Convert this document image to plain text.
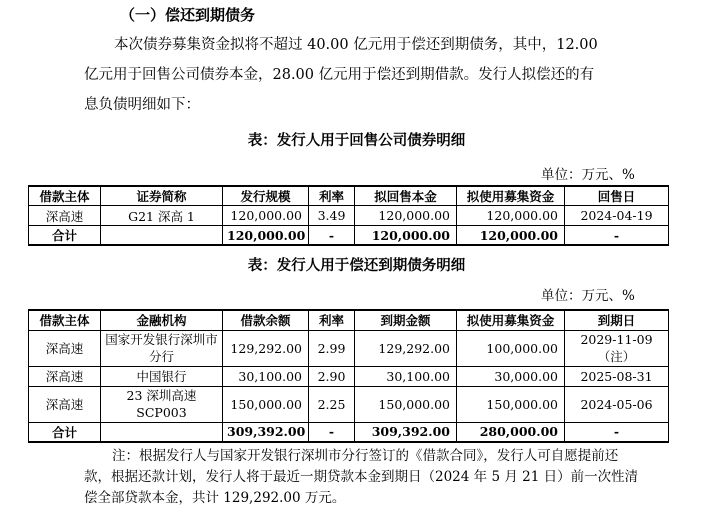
（一）偿还到期债务
本次债券募集资金拟将不超过 40.00 亿元用于偿还到期债务，其中，12.00
亿元用于回售公司债券本金，28.00 亿元用于偿还到期借款。发行人拟偿还的有
息负债明细如下：
表：发行人用于回售公司债券明细
单位：万元、%
借款主体	证券简称	发行规模	利率	拟回售本金	拟使用募集资金	回售日
深高速	G21 深高 1	120,000.00	3.49	120,000.00	120,000.00	2024-04-19
合计		120,000.00	-	120,000.00	120,000.00	-
表：发行人用于偿还到期债务明细
单位：万元、%
借款主体	金融机构	借款余额	利率	到期金额	拟使用募集资金	到期日
深高速	国家开发银行深圳市分行	129,292.00	2.99	129,292.00	100,000.00	2029-11-09（注）
深高速	中国银行	30,100.00	2.90	30,100.00	30,000.00	2025-08-31
深高速	23 深圳高速 SCP003	150,000.00	2.25	150,000.00	150,000.00	2024-05-06
合计		309,392.00	-	309,392.00	280,000.00	-
注：根据发行人与国家开发银行深圳市分行签订的《借款合同》，发行人可自愿提前还
款，根据还款计划，发行人将于最近一期贷款本金到期日（2024 年 5 月 21 日）前一次性清
偿全部贷款本金，共计 129,292.00 万元。
